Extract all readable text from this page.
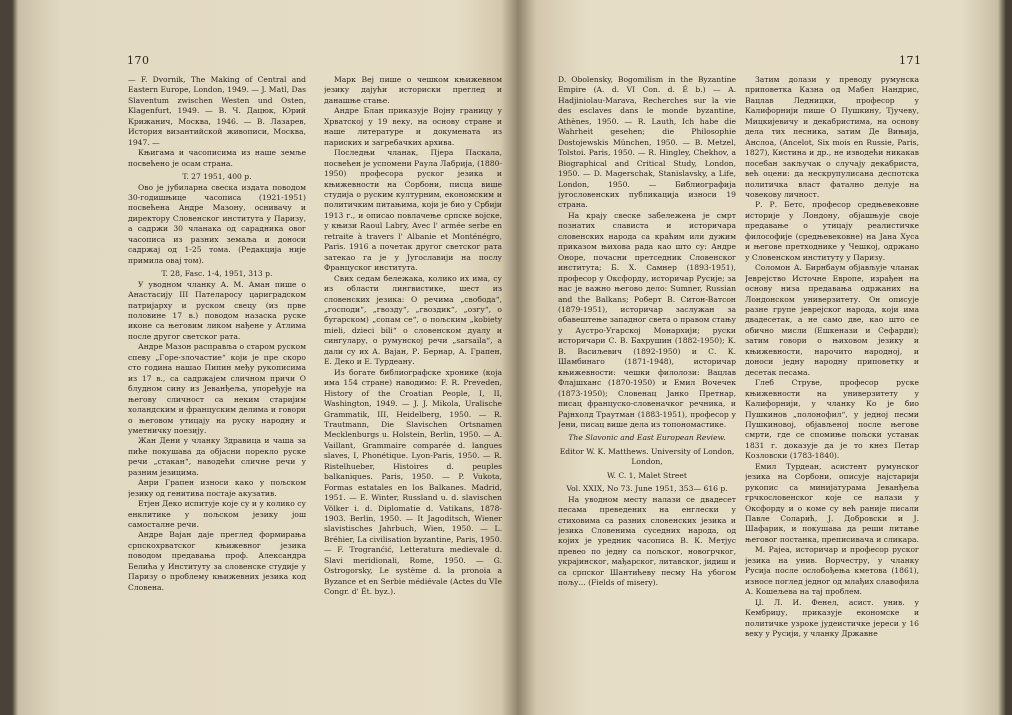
170

— F. Dvornik, The Making of Central and Eastern Europe, London, 1949. — J. Matl, Das Slaventum zwischen Westen und Osten, Klagenfurt, 1949. — В. Ч. Дацюк, Юрий Крижанич, Москва, 1946. — В. Лазарев, История византийской живописи, Москва, 1947. —

Књигама и часописима из наше земље посвећено је осам страна.

T. 27 1951, 400 p.

Ово је јубиларна свеска издата поводом 30-годишњице часописа (1921-1951) посвећена Андре Мазону, оснивачу и директору Словенског института у Паризу, а садржи 30 чланака од сарадника овог часописа из разних земаља и доноси садржај од 1-25 тома. (Редакција није примила овај том).

T. 28, Fasc. 1-4, 1951, 313 p.

У уводном чланку А. М. Аман пише о Анастасију III Пателаросу цариградском патријарху и руском свецу (из прве половине 17 в.) поводом назаска руске иконе са његовим ликом нађене у Атлима после другог светског рата.

Андре Мазон расправља о старом руском спеву „Горе-злочастие“ који је пре скоро сто година нашао Пипин међу рукописима из 17 в., са садржајем сличном причи О блудном сину из Јеванђеља, упоређује на његову сличност са неким старијим холандским и француским делима и говори о његовом утицају на руску народну и уметничку поезију.

Жан Дени у чланку Здравица и чаша за пиће покушава да објасни порекло руске речи „стакан“, наводећи сличне речи у разним језицима.

Анри Грапен износи како у пољском језику од генитива постаје акузатив.

Етјен Деко испитује које су и у колико су енклитике у пољском језику још самосталне речи.

Андре Вајан даје преглед формирања српскохрватског књижевног језика поводом предавања проф. Александра Белића у Институту за словенске студије у Паризу о проблему књижевних језика код Словена.

Марк Веј пише о чешком књижевном језику дајући историски преглед и данашње стање.

Андре Блан приказује Војну границу у Хрватској у 19 веку, на основу стране и наше литературе и докумената из париских и загребачких архива.

Последњи чланак, Пјера Паскала, посвећен је успомени Раула Лабрија, (1880-1950) професора руског језика и књижевности на Сорбони, писца више студија о руским културним, економским и политичким питањима, који је био у Србији 1913 г., и описао повлачење српске војске, у књизи Raoul Labry, Avec l' armée serbe en retraite à travers l' Albanie et Monténégro, Paris. 1916 а почетак другог светског рата затекао га је у Југославији на послу Француског института.

Свих седам бележака, колико их има, су из области лингвистике, шест из словенских језика: О речима „свобода“, „господи“, „гвозду“, „гвоздик“, „озгу“, о бугарском) „сопам се“, о пољским „kobiety mieli, dzieci bili“ о словенском дуалу и сингулару, о румунској речи „sarsaila“, а дали су их А. Вајан, Р. Бернар, А. Грапен, Е. Деко и Е. Турдеану.

Из богате библиографске хронике (која има 154 стране) наводимо: F. R. Preveden, History of the Croatian People, I, II, Washington, 1949. — J. J. Mikola, Uralische Grammatik, III, Heidelberg, 1950. — R. Trautmann, Die Slavischen Ortsnamen Mecklenburgs u. Holstein, Berlin, 1950. — A. Vaillant, Grammaire comparée d. langues slaves, I, Phonétique. Lyon-Paris, 1950. — R. Ristelhueber, Histoires d. peuples balkaniques. Paris, 1950. — P. Vukota, Formas estatales en los Balkanes. Madrid, 1951. — E. Winter, Russland u. d. slavischen Völker i. d. Diplomatie d. Vatikans, 1878-1903. Berlin, 1950. — It Jagoditsch, Wiener slavistisches Jahrbuch, Wien, 1950. — L. Bréhier, La civilisation byzantine, Paris, 1950. — F. Trogranćić, Letteratura medievale d. Slavi meridionali, Rome, 1950. — G. Ostrogorsky, Le système d. la pronoia a Byzance et en Serbie médiévale (Actes du VIe Congr. d' Ét. byz.).

171

D. Obolensky, Bogomilism in the Byzantine Empire (A. d. VI Con. d. É b.) — A. Hadjiniolau-Marava, Recherches sur la vie des esclaves dans le monde byzantine, Athènes, 1950. — R. Lauth, Ich habe die Wahrheit gesehen; die Philosophie Dostojewskis München, 1950. — B. Metzel, Tolstoi. Paris, 1950. — R. Hingley, Chekhov, a Biographical and Critical Study, London, 1950. — D. Magerschak, Stanislavsky, a Life, London, 1950. — Библиографија југословенских публикација износи 19 страна.

На крају свеске забележена је смрт познатих слависта и историчара словенских народа са краћим или дужим приказом њихова рада као што су: Андре Оноре, почасни претседник Словенског института; Б. Х. Самнер (1893-1951), професор у Оксфорду, историчар Русије; за нас је важно његово дело: Sumner, Russian and the Balkans; Роберт В. Ситон-Ватсон (1879-1951), историчар заслужан за обавештење западног света о правом стању у Аустро-Угарској Монархији; руски историчари С. В. Бахрушин (1882-1950); К. В. Васиљевич (1892-1950) и С. К. Шамбинаго (1871-1948), историчар књижевности: чешки филолози: Вацлав Флајшханс (1870-1950) и Емил Вочечек (1873-1950); Словенац Јанко Претнар, писац француско-словеначког речника, и Рајнхолд Траутман (1883-1951), професор у Јени, писац више дела из топономастике.

The Slavonic and East European Review.

Editor W. K. Matthews. University of London, London,

W. C. 1, Malet Street

Vol. XXIX, No 73. June 1951, 353— 616 p.

На уводном месту налази се двадесет песама преведених на енглески у стиховима са разних словенских језика и језика Словенима суседних народа, од којих је уредник часописа В. К. Метјуc превео по једну са пољског, новогрчког, украјинског, мађарског, литавског, јидиш и са српског Шантићеву песму На убогом пољу... (Fields of misery).

Затим долази у преводу румунска приповетка Казна од Мабел Нандрис, Вацлав Ледницки, професор у Калифорнији пише О Пушкину, Тјучеву, Мицкијевичу и декабристима, на основу дела тих песника, затим Де Вињија, Анслоа, (Ancelot, Six mois en Russie, Paris, 1827), Кистина и др., не изводећи никакав посебан закључак о случају декабриста, већ оцени: да нескрупулисана деспотска политичка власт фатално делује на човекову личност.

Р. Р. Бетс, професор средњевековне историје у Лондону, објашњује своје предавање о утицају реалистичке философије (средњевековне) на Јана Хуса и његове претходнике у Чешкој, одржано у Словенском институту у Паризу.

Соломон А. Бирнбаум објављује чланак Јеврејство Источне Европе, израђен на основу низа предавања одржаних на Лондонском универзитету. Он описује разне групе јеврејског народа, који има двадесетак, а не само две, као што се обично мисли (Ешкенази и Сефарди); затим говори о њиховом језику и књижевности, нарочито народној, и доноси једну народну приповетку и десетак песама.

Глеб Струве, професор руске књижевности на универзитету у Калифорнији, у чланку Ко је био Пушкинов „полонофил“, у једној песми Пушкиновој, објављеној после његове смрти, где се спомиње пољски устанак 1831 г. доказује да је то кнез Петар Козловски (1783-1840).

Емил Турдеан, асистент румунског језика на Сорбони, описује најстарији рукопис са минијатурама Јеванђеља грчкословенског које се налази у Оксфорду и о коме су већ раније писали Павле Соларић, Ј. Добровски и Ј. Шафарик, и покушава да реши питање његовог постанка, преписивача и сликара.

М. Рајеа, историчар и професор руског језика на унив. Ворчестру, у чланку Русија после ослобођења кметова (1861), износе поглед једног од млађих славофила А. Кошељева на тај проблем.

Џ. Л. И. Фенел, асист. унив. у Кембриџу, приказује економске и политичке узроке јудеистичке јереси у 16 веку у Русији, у чланку Државне
